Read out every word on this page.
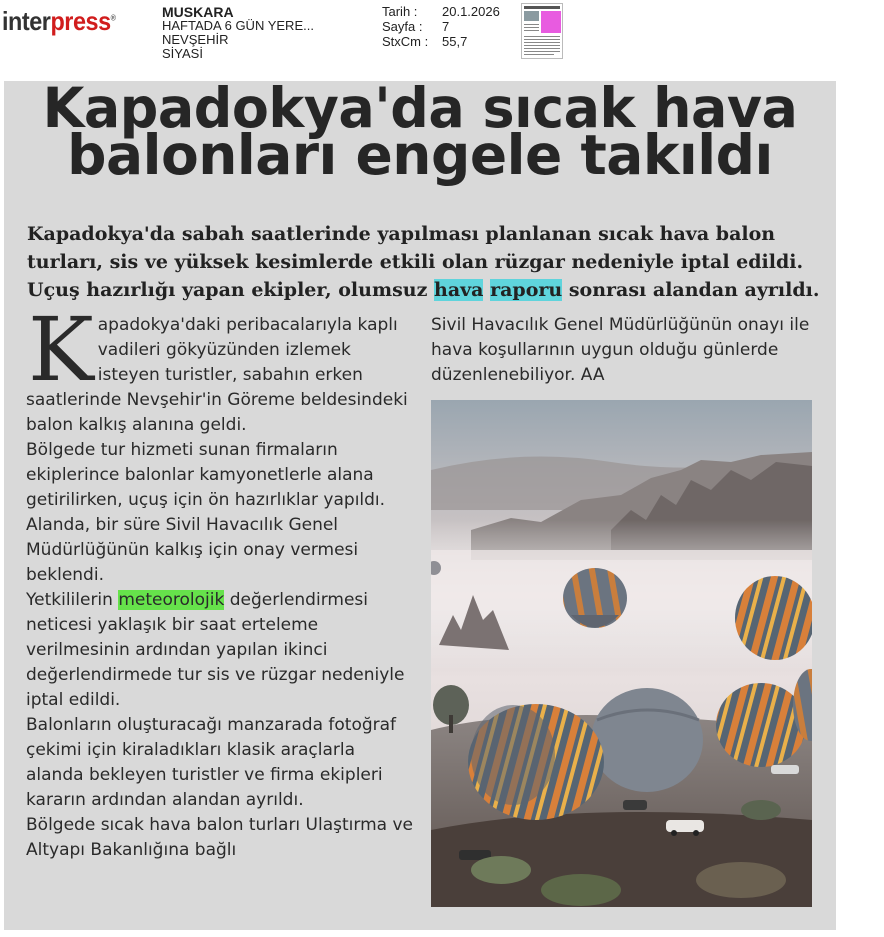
interpress®	MUSKARA
HAFTADA 6 GÜN YERE...
NEVŞEHİR
SİYASİ
Tarih :	20.1.2026
Sayfa :	7
StxCm :	55,7
Kapadokya'da sıcak hava
balonları engele takıldı
Kapadokya'da sabah saatlerinde yapılması planlanan sıcak hava balon
turları, sis ve yüksek kesimlerde etkili olan rüzgar nedeniyle iptal edildi.
Uçuş hazırlığı yapan ekipler, olumsuz hava raporu sonrası alandan ayrıldı.
K apadokya'daki peribacalarıyla kaplı vadileri gökyüzünden izlemek isteyen turistler, sabahın erken saatlerinde Nevşehir'in Göreme beldesindeki balon kalkış alanına geldi.

Bölgede tur hizmeti sunan firmaların ekiplerince balonlar kamyonetlerle alana getirilirken, uçuş için ön hazırlıklar yapıldı.

Alanda, bir süre Sivil Havacılık Genel Müdürlüğünün kalkış için onay vermesi beklendi.

Yetkililerin meteorolojik değerlendirmesi neticesi yaklaşık bir saat erteleme verilmesinin ardından yapılan ikinci değerlendirmede tur sis ve rüzgar nedeniyle iptal edildi.

Balonların oluşturacağı manzarada fotoğraf çekimi için kiraladıkları klasik araçlarla alanda bekleyen turistler ve firma ekipleri kararın ardından alandan ayrıldı.

Bölgede sıcak hava balon turları Ulaştırma ve Altyapı Bakanlığına bağlı

Sivil Havacılık Genel Müdürlüğünün onayı ile hava koşullarının uygun olduğu günlerde düzenlenebiliyor. AA
